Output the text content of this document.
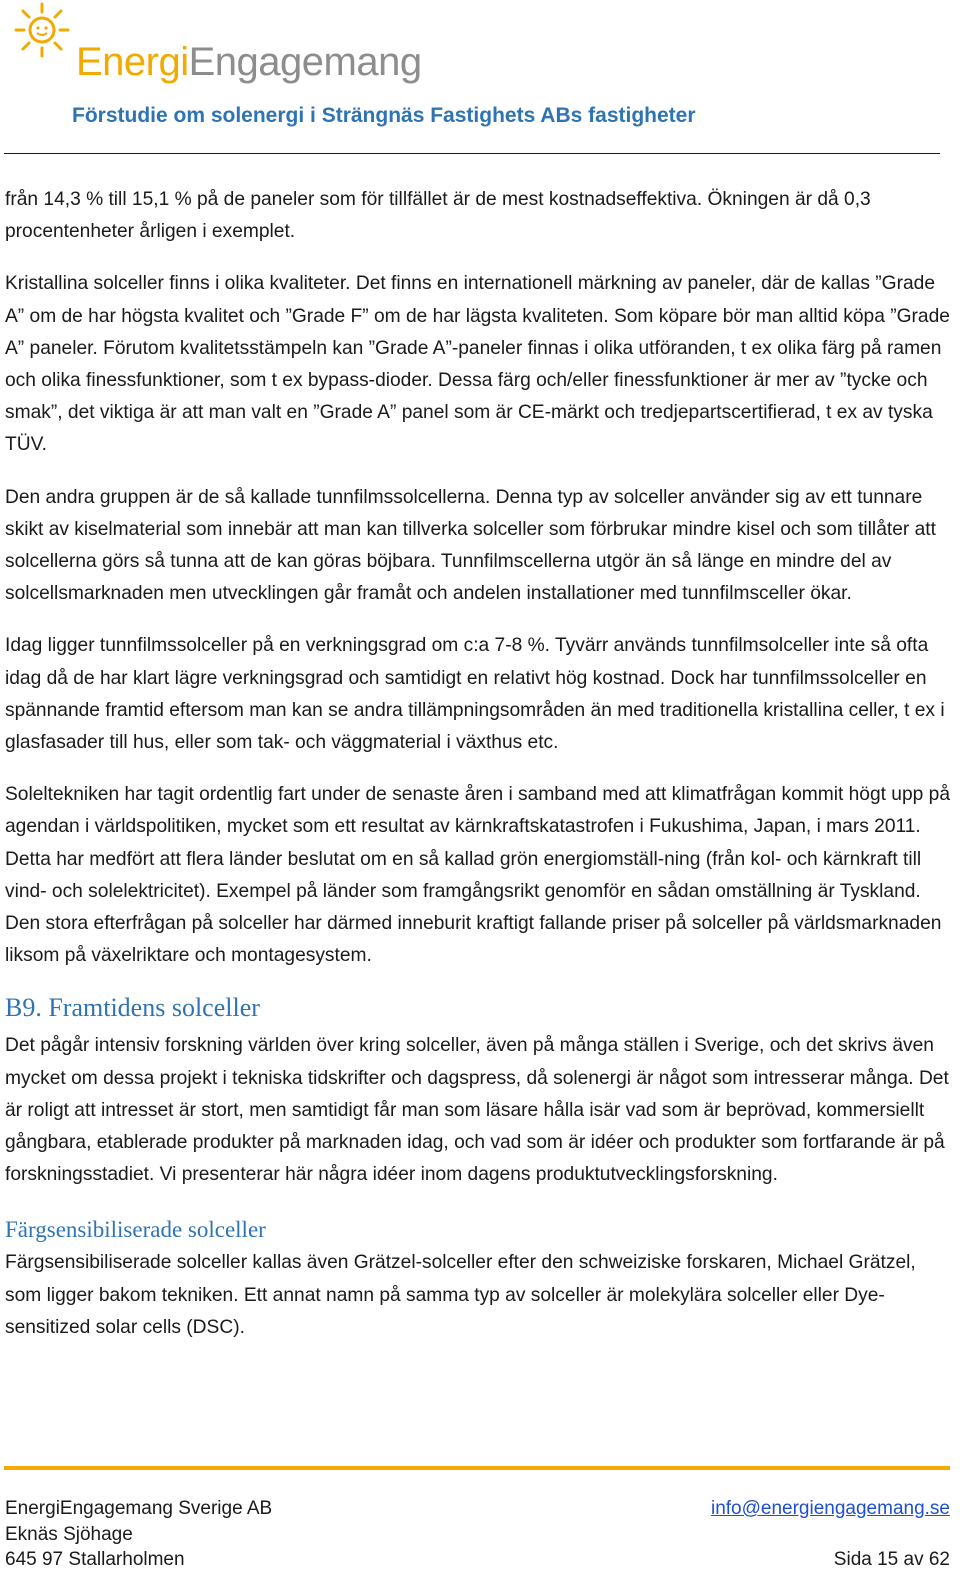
EnergiEngagemang
Förstudie om solenergi i Strängnäs Fastighets ABs fastigheter

från 14,3 % till 15,1 % på de paneler som för tillfället är de mest kostnadseffektiva. Ökningen är då 0,3 procentenheter årligen i exemplet.

Kristallina solceller finns i olika kvaliteter. Det finns en internationell märkning av paneler, där de kallas ”Grade A” om de har högsta kvalitet och ”Grade F” om de har lägsta kvaliteten. Som köpare bör man alltid köpa ”Grade A” paneler. Förutom kvalitetsstämpeln kan ”Grade A”-paneler finnas i olika utföranden, t ex olika färg på ramen och olika finessfunktioner, som t ex bypass-dioder. Dessa färg och/eller finessfunktioner är mer av ”tycke och smak”, det viktiga är att man valt en ”Grade A” panel som är CE-märkt och tredjepartscertifierad, t ex av tyska TÜV.

Den andra gruppen är de så kallade tunnfilmssolcellerna. Denna typ av solceller använder sig av ett tunnare skikt av kiselmaterial som innebär att man kan tillverka solceller som förbrukar mindre kisel och som tillåter att solcellerna görs så tunna att de kan göras böjbara. Tunnfilmscellerna utgör än så länge en mindre del av solcellsmarknaden men utvecklingen går framåt och andelen installationer med tunnfilmsceller ökar.

Idag ligger tunnfilmssolceller på en verkningsgrad om c:a 7-8 %. Tyvärr används tunnfilmsolceller inte så ofta idag då de har klart lägre verkningsgrad och samtidigt en relativt hög kostnad. Dock har tunnfilmssolceller en spännande framtid eftersom man kan se andra tillämpningsområden än med traditionella kristallina celler, t ex i glasfasader till hus, eller som tak- och väggmaterial i växthus etc.

Soleltekniken har tagit ordentlig fart under de senaste åren i samband med att klimatfrågan kommit högt upp på agendan i världspolitiken, mycket som ett resultat av kärnkraftskatastrofen i Fukushima, Japan, i mars 2011. Detta har medfört att flera länder beslutat om en så kallad grön energiomställ-ning (från kol- och kärnkraft till vind- och solelektricitet). Exempel på länder som framgångsrikt genomför en sådan omställning är Tyskland. Den stora efterfrågan på solceller har därmed inneburit kraftigt fallande priser på solceller på världsmarknaden liksom på växelriktare och montagesystem.

B9. Framtidens solceller

Det pågår intensiv forskning världen över kring solceller, även på många ställen i Sverige, och det skrivs även mycket om dessa projekt i tekniska tidskrifter och dagspress, då solenergi är något som intresserar många. Det är roligt att intresset är stort, men samtidigt får man som läsare hålla isär vad som är beprövad, kommersiellt gångbara, etablerade produkter på marknaden idag, och vad som är idéer och produkter som fortfarande är på forskningsstadiet. Vi presenterar här några idéer inom dagens produktutvecklingsforskning.

Färgsensibiliserade solceller

Färgsensibiliserade solceller kallas även Grätzel-solceller efter den schweiziske forskaren, Michael Grätzel, som ligger bakom tekniken. Ett annat namn på samma typ av solceller är molekylära solceller eller Dye-sensitized solar cells (DSC).

EnergiEngagemang Sverige AB
Eknäs Sjöhage
645 97 Stallarholmen
info@energiengagemang.se
Sida 15 av 62
